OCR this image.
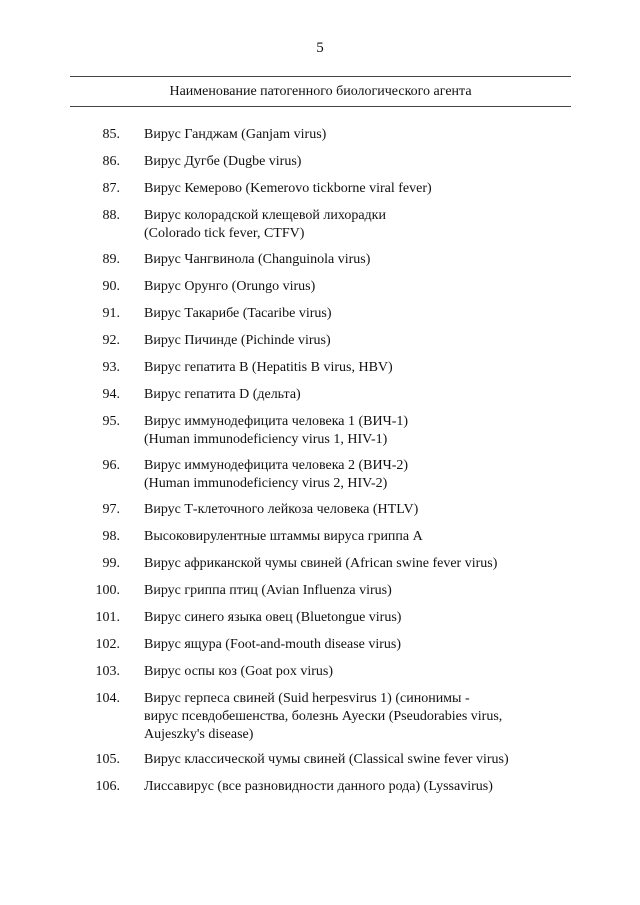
5
Наименование патогенного биологического агента
85. Вирус Ганджам (Ganjam virus)
86. Вирус Дугбе (Dugbe virus)
87. Вирус Кемерово (Kemerovo tickborne viral fever)
88. Вирус колорадской клещевой лихорадки
(Colorado tick fever, CTFV)
89. Вирус Чангвинола (Changuinola virus)
90. Вирус Орунго (Orungo virus)
91. Вирус Такарибе (Tacaribe virus)
92. Вирус Пичинде (Pichinde virus)
93. Вирус гепатита B (Hepatitis B virus, HBV)
94. Вирус гепатита D (дельта)
95. Вирус иммунодефицита человека 1 (ВИЧ-1)
(Human immunodeficiency virus 1, HIV-1)
96. Вирус иммунодефицита человека 2 (ВИЧ-2)
(Human immunodeficiency virus 2, HIV-2)
97. Вирус Т-клеточного лейкоза человека (HTLV)
98. Высоковирулентные штаммы вируса гриппа А
99. Вирус африканской чумы свиней (African swine fever virus)
100. Вирус гриппа птиц (Avian Influenza virus)
101. Вирус синего языка овец (Bluetongue virus)
102. Вирус ящура (Foot-and-mouth disease virus)
103. Вирус оспы коз (Goat pox virus)
104. Вирус герпеса свиней (Suid herpesvirus 1) (синонимы -
вирус псевдобешенства, болезнь Ауески (Pseudorabies virus,
Aujeszky's disease)
105. Вирус классической чумы свиней (Classical swine fever virus)
106. Лиссавирус (все разновидности данного рода) (Lyssavirus)
